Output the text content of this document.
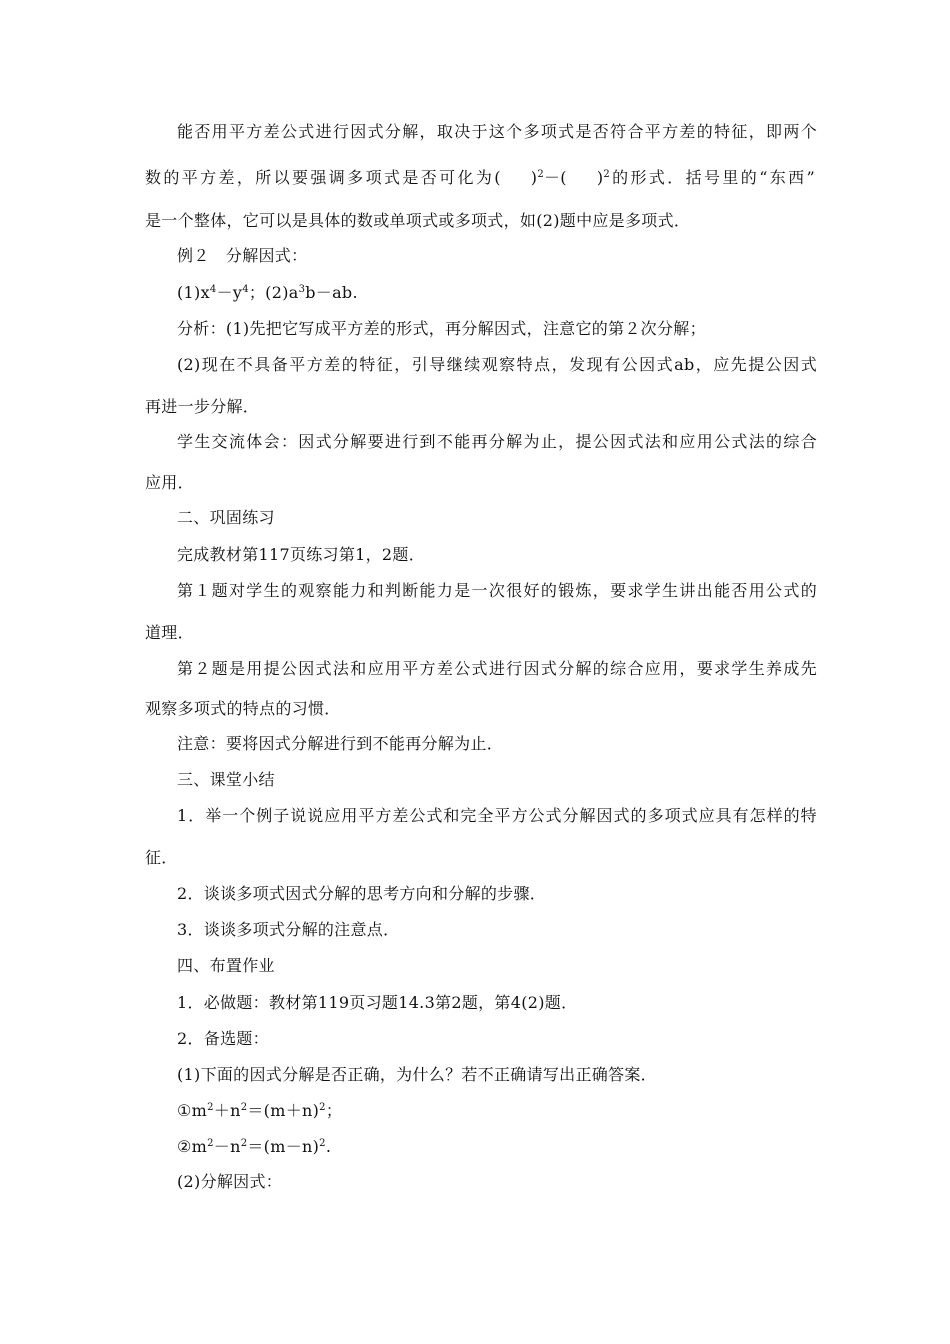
能否用平方差公式进行因式分解，取决于这个多项式是否符合平方差的特征，即两个
数的平方差，所以要强调多项式是否可化为( )$^2$－( )$^2$的形式．括号里的“东西”
是一个整体，它可以是具体的数或单项式或多项式，如(2)题中应是多项式．
例２　分解因式：
$(1)x^4-y^4$；$(2)a^3b-ab$.
分析：(1)先把它写成平方差的形式，再分解因式，注意它的第２次分解；
(2)现在不具备平方差的特征，引导继续观察特点，发现有公因式ab，应先提公因式
再进一步分解．
学生交流体会：因式分解要进行到不能再分解为止，提公因式法和应用公式法的综合
应用．
二、巩固练习
完成教材第117页练习第1，2题．
第１题对学生的观察能力和判断能力是一次很好的锻炼，要求学生讲出能否用公式的
道理．
第２题是用提公因式法和应用平方差公式进行因式分解的综合应用，要求学生养成先
观察多项式的特点的习惯．
注意：要将因式分解进行到不能再分解为止．
三、课堂小结
1．举一个例子说说应用平方差公式和完全平方公式分解因式的多项式应具有怎样的特
征．
2．谈谈多项式因式分解的思考方向和分解的步骤．
3．谈谈多项式分解的注意点．
四、布置作业
1．必做题：教材第119页习题14.3第2题，第4(2)题．
2．备选题：
(1)下面的因式分解是否正确，为什么？若不正确请写出正确答案．
$①m^2+n^2=(m+n)^2$；
$②m^2-n^2=(m-n)^2$.
(2)分解因式：
